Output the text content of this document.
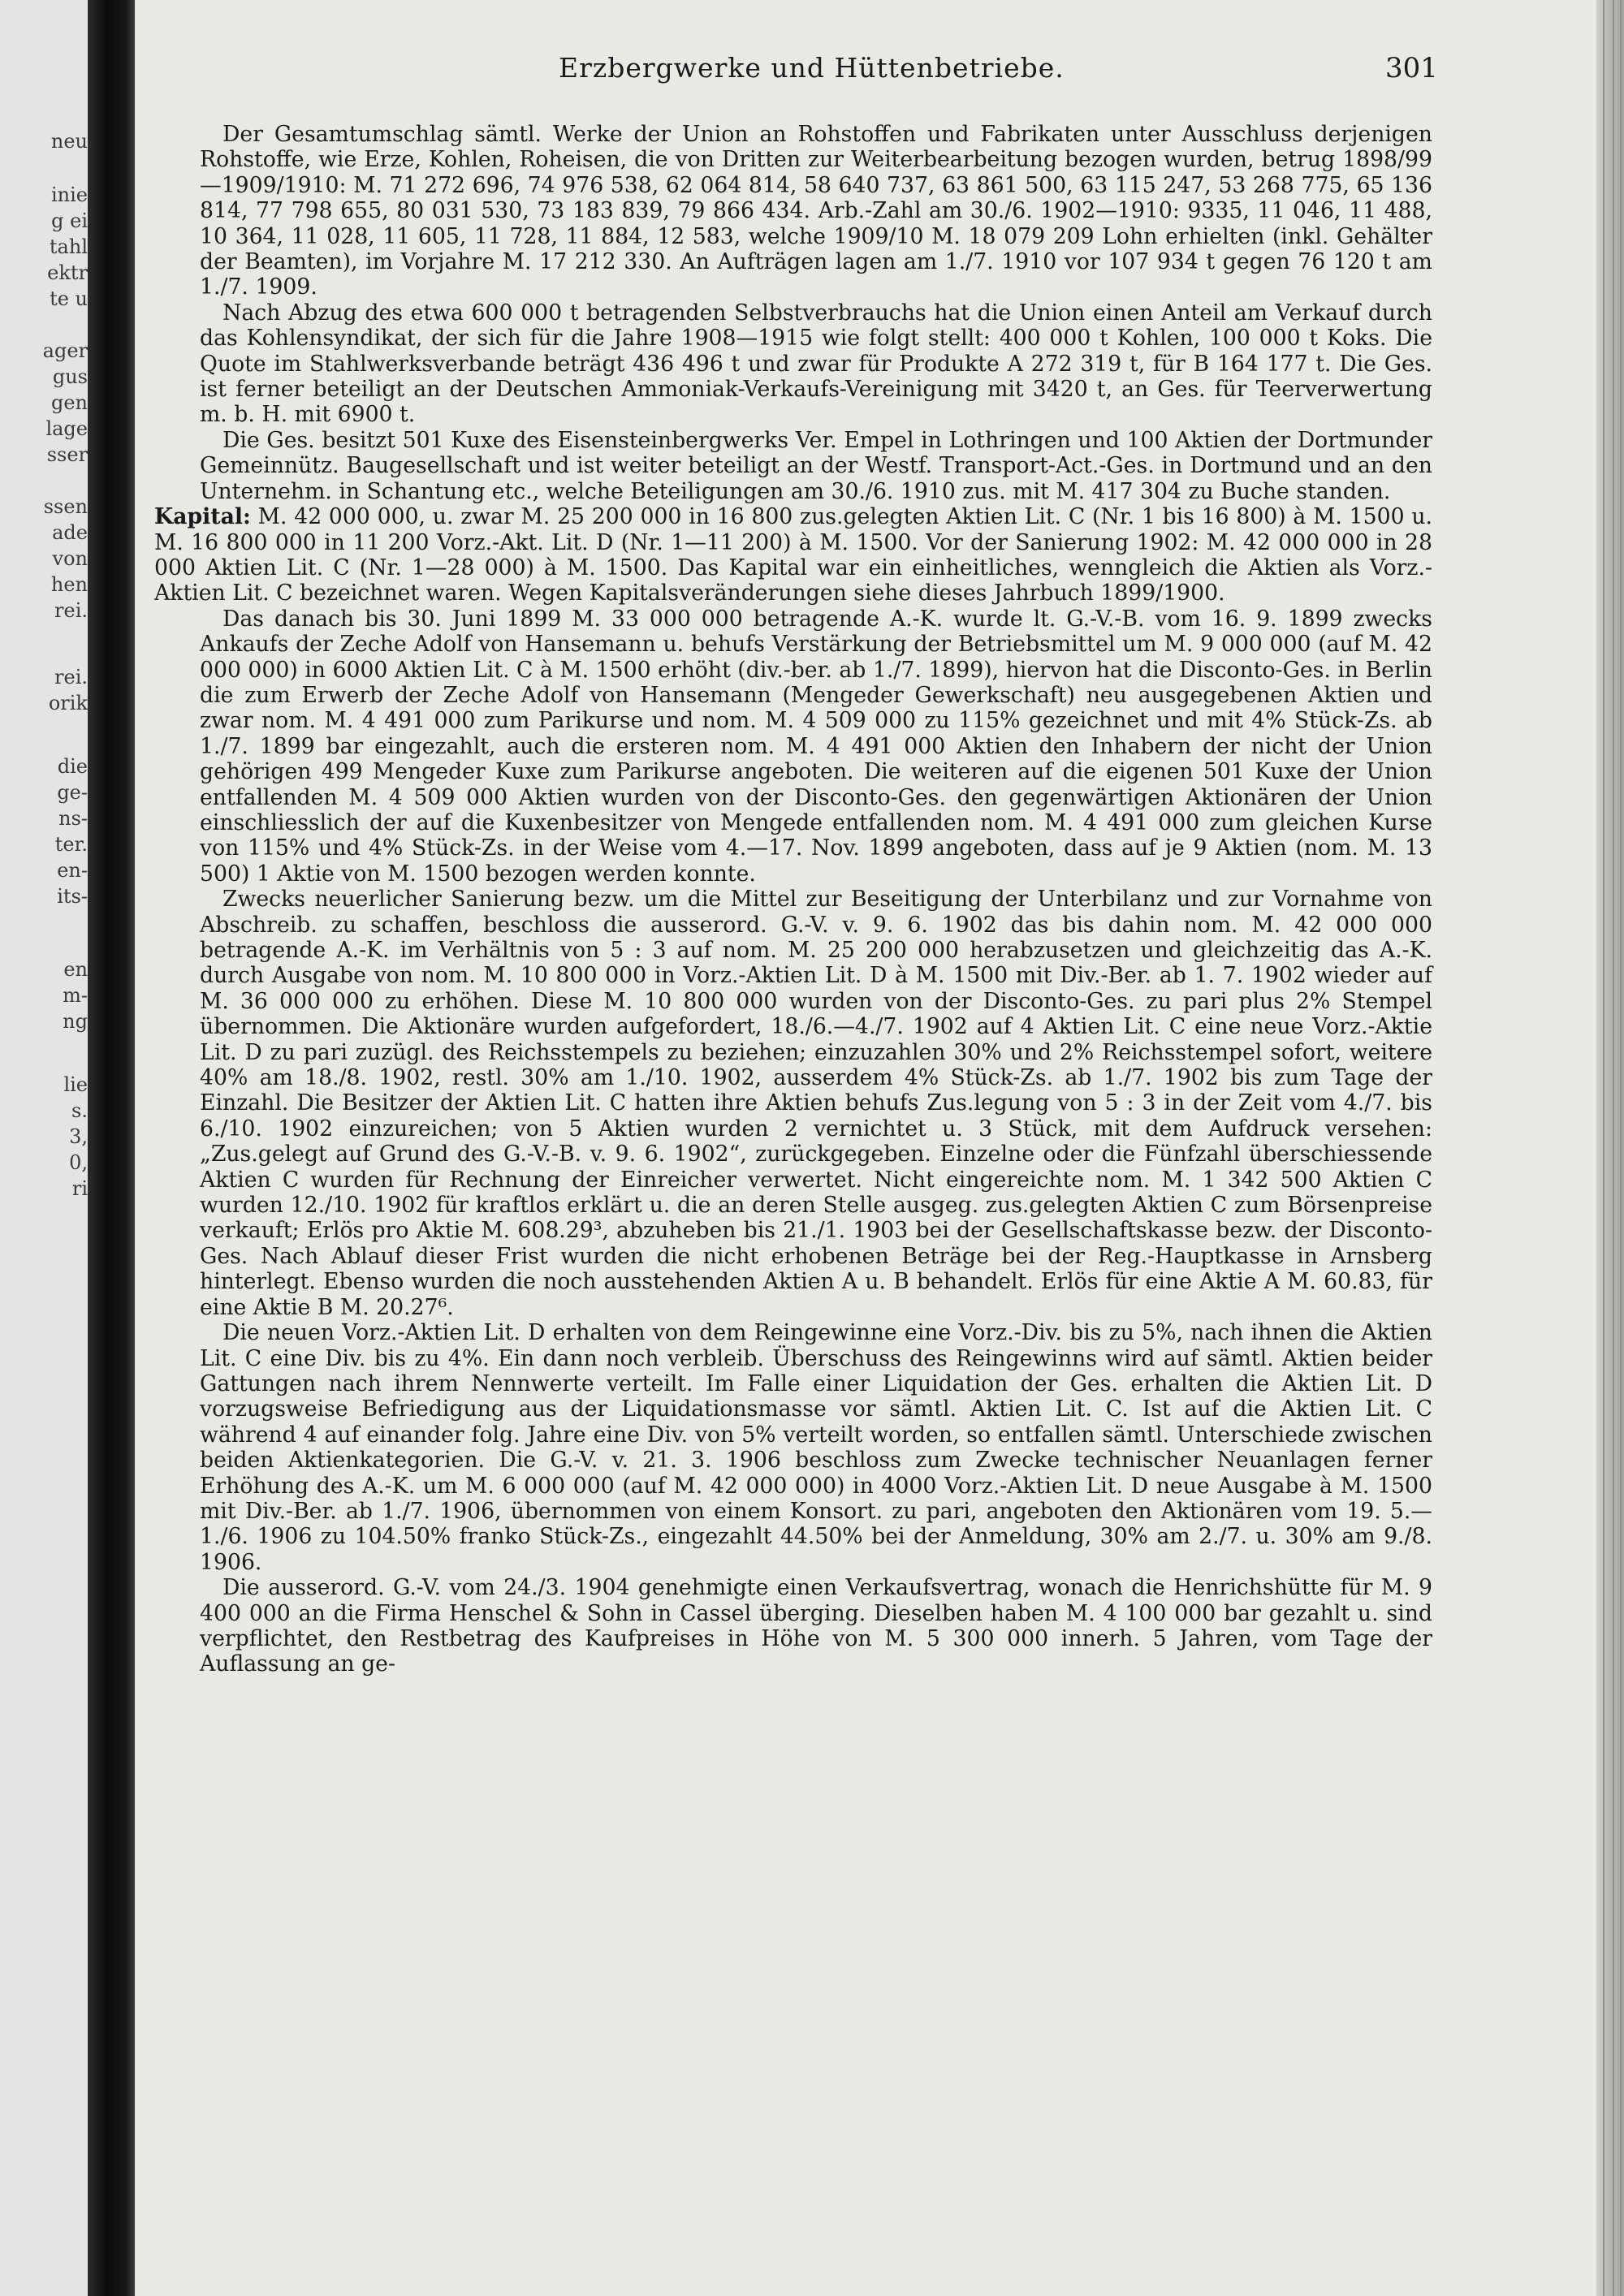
neu
inie
g ei
tahl
ektr
te u
ager
gus
gen
lage
sser
ssen
ade
von
hen
rei.
rei.
orik
die
ge-
ns-
ter.
en-
its-
en
m-
ng
lie
s.
3,
0,
ri
Erzbergwerke und Hüttenbetriebe.	301

Der Gesamtumschlag sämtl. Werke der Union an Rohstoffen und Fabrikaten unter Ausschluss derjenigen Rohstoffe, wie Erze, Kohlen, Roheisen, die von Dritten zur Weiterbearbeitung bezogen wurden, betrug 1898/99—1909/1910: M. 71 272 696, 74 976 538, 62 064 814, 58 640 737, 63 861 500, 63 115 247, 53 268 775, 65 136 814, 77 798 655, 80 031 530, 73 183 839, 79 866 434. Arb.-Zahl am 30./6. 1902—1910: 9335, 11 046, 11 488, 10 364, 11 028, 11 605, 11 728, 11 884, 12 583, welche 1909/10 M. 18 079 209 Lohn erhielten (inkl. Gehälter der Beamten), im Vorjahre M. 17 212 330. An Aufträgen lagen am 1./7. 1910 vor 107 934 t gegen 76 120 t am 1./7. 1909.

Nach Abzug des etwa 600 000 t betragenden Selbstverbrauchs hat die Union einen Anteil am Verkauf durch das Kohlensyndikat, der sich für die Jahre 1908—1915 wie folgt stellt: 400 000 t Kohlen, 100 000 t Koks. Die Quote im Stahlwerksverbande beträgt 436 496 t und zwar für Produkte A 272 319 t, für B 164 177 t. Die Ges. ist ferner beteiligt an der Deutschen Ammoniak-Verkaufs-Vereinigung mit 3420 t, an Ges. für Teerverwertung m. b. H. mit 6900 t.

Die Ges. besitzt 501 Kuxe des Eisensteinbergwerks Ver. Empel in Lothringen und 100 Aktien der Dortmunder Gemeinnütz. Baugesellschaft und ist weiter beteiligt an der Westf. Transport-Act.-Ges. in Dortmund und an den Unternehm. in Schantung etc., welche Beteiligungen am 30./6. 1910 zus. mit M. 417 304 zu Buche standen.

Kapital: M. 42 000 000, u. zwar M. 25 200 000 in 16 800 zus.gelegten Aktien Lit. C (Nr. 1 bis 16 800) à M. 1500 u. M. 16 800 000 in 11 200 Vorz.-Akt. Lit. D (Nr. 1—11 200) à M. 1500. Vor der Sanierung 1902: M. 42 000 000 in 28 000 Aktien Lit. C (Nr. 1—28 000) à M. 1500. Das Kapital war ein einheitliches, wenngleich die Aktien als Vorz.-Aktien Lit. C bezeichnet waren. Wegen Kapitalsveränderungen siehe dieses Jahrbuch 1899/1900.

Das danach bis 30. Juni 1899 M. 33 000 000 betragende A.-K. wurde lt. G.-V.-B. vom 16. 9. 1899 zwecks Ankaufs der Zeche Adolf von Hansemann u. behufs Verstärkung der Betriebsmittel um M. 9 000 000 (auf M. 42 000 000) in 6000 Aktien Lit. C à M. 1500 erhöht (div.-ber. ab 1./7. 1899), hiervon hat die Disconto-Ges. in Berlin die zum Erwerb der Zeche Adolf von Hansemann (Mengeder Gewerkschaft) neu ausgegebenen Aktien und zwar nom. M. 4 491 000 zum Parikurse und nom. M. 4 509 000 zu 115% gezeichnet und mit 4% Stück-Zs. ab 1./7. 1899 bar eingezahlt, auch die ersteren nom. M. 4 491 000 Aktien den Inhabern der nicht der Union gehörigen 499 Mengeder Kuxe zum Parikurse angeboten. Die weiteren auf die eigenen 501 Kuxe der Union entfallenden M. 4 509 000 Aktien wurden von der Disconto-Ges. den gegenwärtigen Aktionären der Union einschliesslich der auf die Kuxenbesitzer von Mengede entfallenden nom. M. 4 491 000 zum gleichen Kurse von 115% und 4% Stück-Zs. in der Weise vom 4.—17. Nov. 1899 angeboten, dass auf je 9 Aktien (nom. M. 13 500) 1 Aktie von M. 1500 bezogen werden konnte.

Zwecks neuerlicher Sanierung bezw. um die Mittel zur Beseitigung der Unterbilanz und zur Vornahme von Abschreib. zu schaffen, beschloss die ausserord. G.-V. v. 9. 6. 1902 das bis dahin nom. M. 42 000 000 betragende A.-K. im Verhältnis von 5 : 3 auf nom. M. 25 200 000 herabzusetzen und gleichzeitig das A.-K. durch Ausgabe von nom. M. 10 800 000 in Vorz.-Aktien Lit. D à M. 1500 mit Div.-Ber. ab 1. 7. 1902 wieder auf M. 36 000 000 zu erhöhen. Diese M. 10 800 000 wurden von der Disconto-Ges. zu pari plus 2% Stempel übernommen. Die Aktionäre wurden aufgefordert, 18./6.—4./7. 1902 auf 4 Aktien Lit. C eine neue Vorz.-Aktie Lit. D zu pari zuzügl. des Reichsstempels zu beziehen; einzuzahlen 30% und 2% Reichsstempel sofort, weitere 40% am 18./8. 1902, restl. 30% am 1./10. 1902, ausserdem 4% Stück-Zs. ab 1./7. 1902 bis zum Tage der Einzahl. Die Besitzer der Aktien Lit. C hatten ihre Aktien behufs Zus.legung von 5 : 3 in der Zeit vom 4./7. bis 6./10. 1902 einzureichen; von 5 Aktien wurden 2 vernichtet u. 3 Stück, mit dem Aufdruck versehen: „Zus.gelegt auf Grund des G.-V.-B. v. 9. 6. 1902“, zurückgegeben. Einzelne oder die Fünfzahl überschiessende Aktien C wurden für Rechnung der Einreicher verwertet. Nicht eingereichte nom. M. 1 342 500 Aktien C wurden 12./10. 1902 für kraftlos erklärt u. die an deren Stelle ausgeg. zus.gelegten Aktien C zum Börsenpreise verkauft; Erlös pro Aktie M. 608.29³, abzuheben bis 21./1. 1903 bei der Gesellschaftskasse bezw. der Disconto-Ges. Nach Ablauf dieser Frist wurden die nicht erhobenen Beträge bei der Reg.-Hauptkasse in Arnsberg hinterlegt. Ebenso wurden die noch ausstehenden Aktien A u. B behandelt. Erlös für eine Aktie A M. 60.83, für eine Aktie B M. 20.27⁶.

Die neuen Vorz.-Aktien Lit. D erhalten von dem Reingewinne eine Vorz.-Div. bis zu 5%, nach ihnen die Aktien Lit. C eine Div. bis zu 4%. Ein dann noch verbleib. Überschuss des Reingewinns wird auf sämtl. Aktien beider Gattungen nach ihrem Nennwerte verteilt. Im Falle einer Liquidation der Ges. erhalten die Aktien Lit. D vorzugsweise Befriedigung aus der Liquidationsmasse vor sämtl. Aktien Lit. C. Ist auf die Aktien Lit. C während 4 auf einander folg. Jahre eine Div. von 5% verteilt worden, so entfallen sämtl. Unterschiede zwischen beiden Aktienkategorien. Die G.-V. v. 21. 3. 1906 beschloss zum Zwecke technischer Neuanlagen ferner Erhöhung des A.-K. um M. 6 000 000 (auf M. 42 000 000) in 4000 Vorz.-Aktien Lit. D neue Ausgabe à M. 1500 mit Div.-Ber. ab 1./7. 1906, übernommen von einem Konsort. zu pari, angeboten den Aktionären vom 19. 5.—1./6. 1906 zu 104.50% franko Stück-Zs., eingezahlt 44.50% bei der Anmeldung, 30% am 2./7. u. 30% am 9./8. 1906.

Die ausserord. G.-V. vom 24./3. 1904 genehmigte einen Verkaufsvertrag, wonach die Henrichshütte für M. 9 400 000 an die Firma Henschel & Sohn in Cassel überging. Dieselben haben M. 4 100 000 bar gezahlt u. sind verpflichtet, den Restbetrag des Kaufpreises in Höhe von M. 5 300 000 innerh. 5 Jahren, vom Tage der Auflassung an ge-
